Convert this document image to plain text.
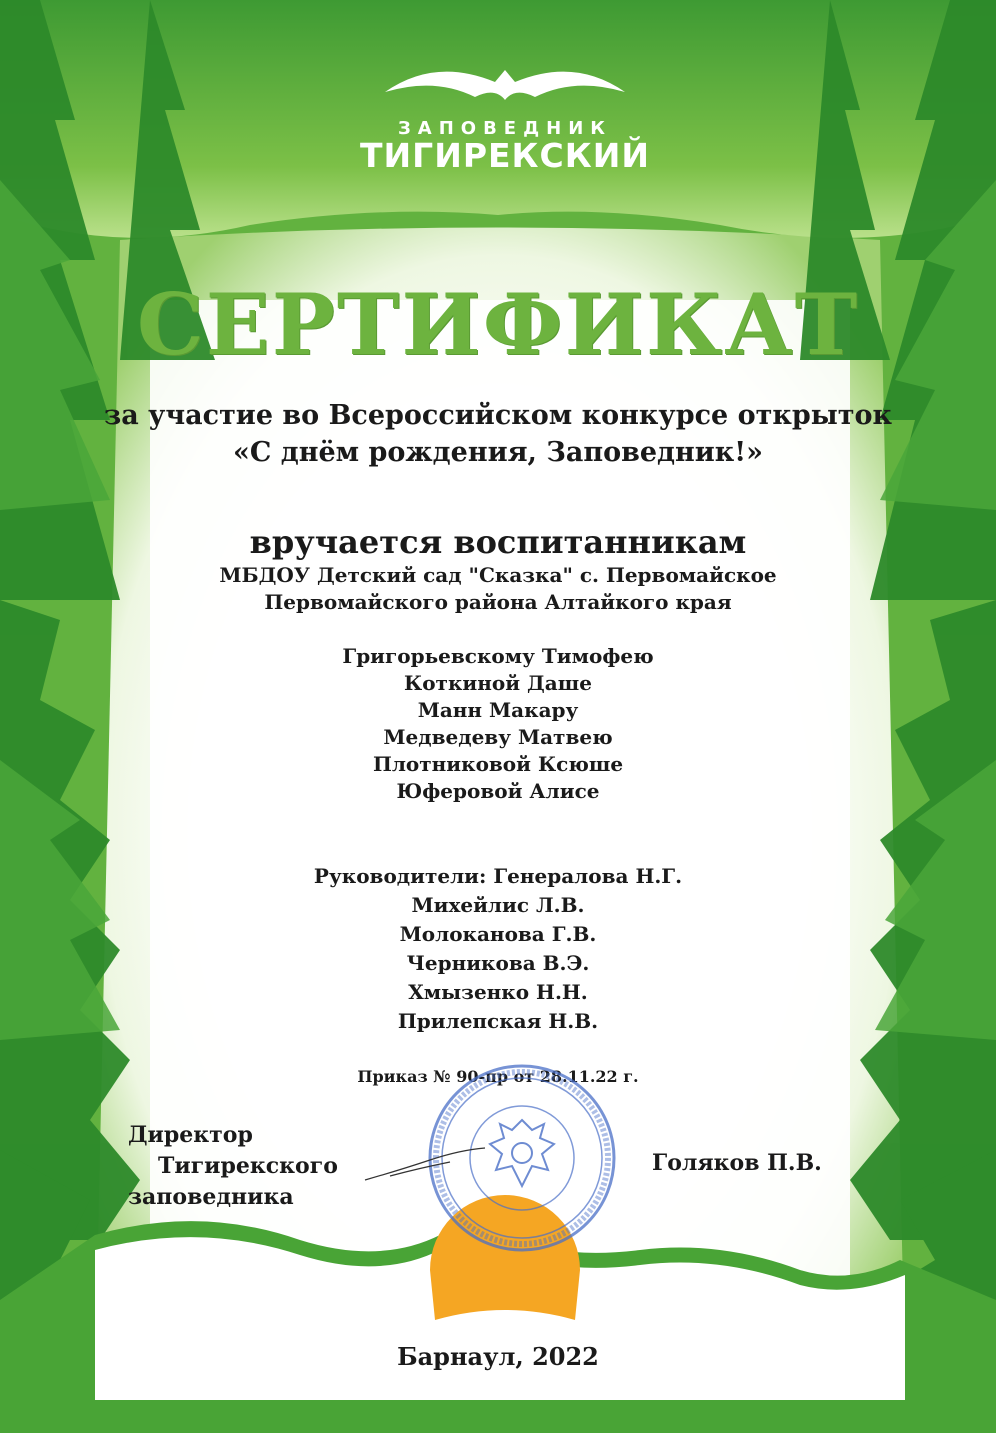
ЗАПОВЕДНИК
ТИГИРЕКСКИЙ
СЕРТИФИКАТ
за участие во Всероссийском конкурсе открыток
«С днём рождения, Заповедник!»
вручается воспитанникам
МБДОУ Детский сад "Сказка" с. Первомайское
Первомайского района Алтайкого края
Григорьевскому Тимофею
Коткиной Даше
Манн Макару
Медведеву Матвею
Плотниковой Ксюше
Юферовой Алисе
Руководители: Генералова Н.Г.
Михейлис Л.В.
Молоканова Г.В.
Черникова В.Э.
Хмызенко Н.Н.
Прилепская Н.В.
Приказ № 90-пр от 28.11.22 г.
Директор
Тигирекского
заповедника
Голяков П.В.
Барнаул, 2022
